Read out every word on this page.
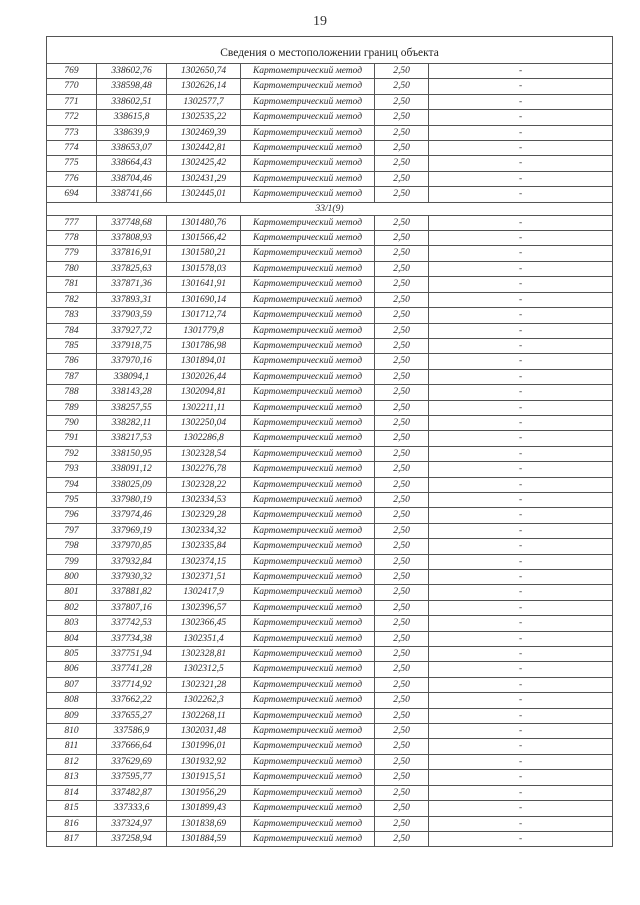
19

Сведения о местоположении границ объекта					
769	338602,76	1302650,74	Картометрический метод	2,50	-
770	338598,48	1302626,14	Картометрический метод	2,50	-
771	338602,51	1302577,7	Картометрический метод	2,50	-
772	338615,8	1302535,22	Картометрический метод	2,50	-
773	338639,9	1302469,39	Картометрический метод	2,50	-
774	338653,07	1302442,81	Картометрический метод	2,50	-
775	338664,43	1302425,42	Картометрический метод	2,50	-
776	338704,46	1302431,29	Картометрический метод	2,50	-
694	338741,66	1302445,01	Картометрический метод	2,50	-
33/1(9)					
777	337748,68	1301480,76	Картометрический метод	2,50	-
778	337808,93	1301566,42	Картометрический метод	2,50	-
779	337816,91	1301580,21	Картометрический метод	2,50	-
780	337825,63	1301578,03	Картометрический метод	2,50	-
781	337871,36	1301641,91	Картометрический метод	2,50	-
782	337893,31	1301690,14	Картометрический метод	2,50	-
783	337903,59	1301712,74	Картометрический метод	2,50	-
784	337927,72	1301779,8	Картометрический метод	2,50	-
785	337918,75	1301786,98	Картометрический метод	2,50	-
786	337970,16	1301894,01	Картометрический метод	2,50	-
787	338094,1	1302026,44	Картометрический метод	2,50	-
788	338143,28	1302094,81	Картометрический метод	2,50	-
789	338257,55	1302211,11	Картометрический метод	2,50	-
790	338282,11	1302250,04	Картометрический метод	2,50	-
791	338217,53	1302286,8	Картометрический метод	2,50	-
792	338150,95	1302328,54	Картометрический метод	2,50	-
793	338091,12	1302276,78	Картометрический метод	2,50	-
794	338025,09	1302328,22	Картометрический метод	2,50	-
795	337980,19	1302334,53	Картометрический метод	2,50	-
796	337974,46	1302329,28	Картометрический метод	2,50	-
797	337969,19	1302334,32	Картометрический метод	2,50	-
798	337970,85	1302335,84	Картометрический метод	2,50	-
799	337932,84	1302374,15	Картометрический метод	2,50	-
800	337930,32	1302371,51	Картометрический метод	2,50	-
801	337881,82	1302417,9	Картометрический метод	2,50	-
802	337807,16	1302396,57	Картометрический метод	2,50	-
803	337742,53	1302366,45	Картометрический метод	2,50	-
804	337734,38	1302351,4	Картометрический метод	2,50	-
805	337751,94	1302328,81	Картометрический метод	2,50	-
806	337741,28	1302312,5	Картометрический метод	2,50	-
807	337714,92	1302321,28	Картометрический метод	2,50	-
808	337662,22	1302262,3	Картометрический метод	2,50	-
809	337655,27	1302268,11	Картометрический метод	2,50	-
810	337586,9	1302031,48	Картометрический метод	2,50	-
811	337666,64	1301996,01	Картометрический метод	2,50	-
812	337629,69	1301932,92	Картометрический метод	2,50	-
813	337595,77	1301915,51	Картометрический метод	2,50	-
814	337482,87	1301956,29	Картометрический метод	2,50	-
815	337333,6	1301899,43	Картометрический метод	2,50	-
816	337324,97	1301838,69	Картометрический метод	2,50	-
817	337258,94	1301884,59	Картометрический метод	2,50	-
